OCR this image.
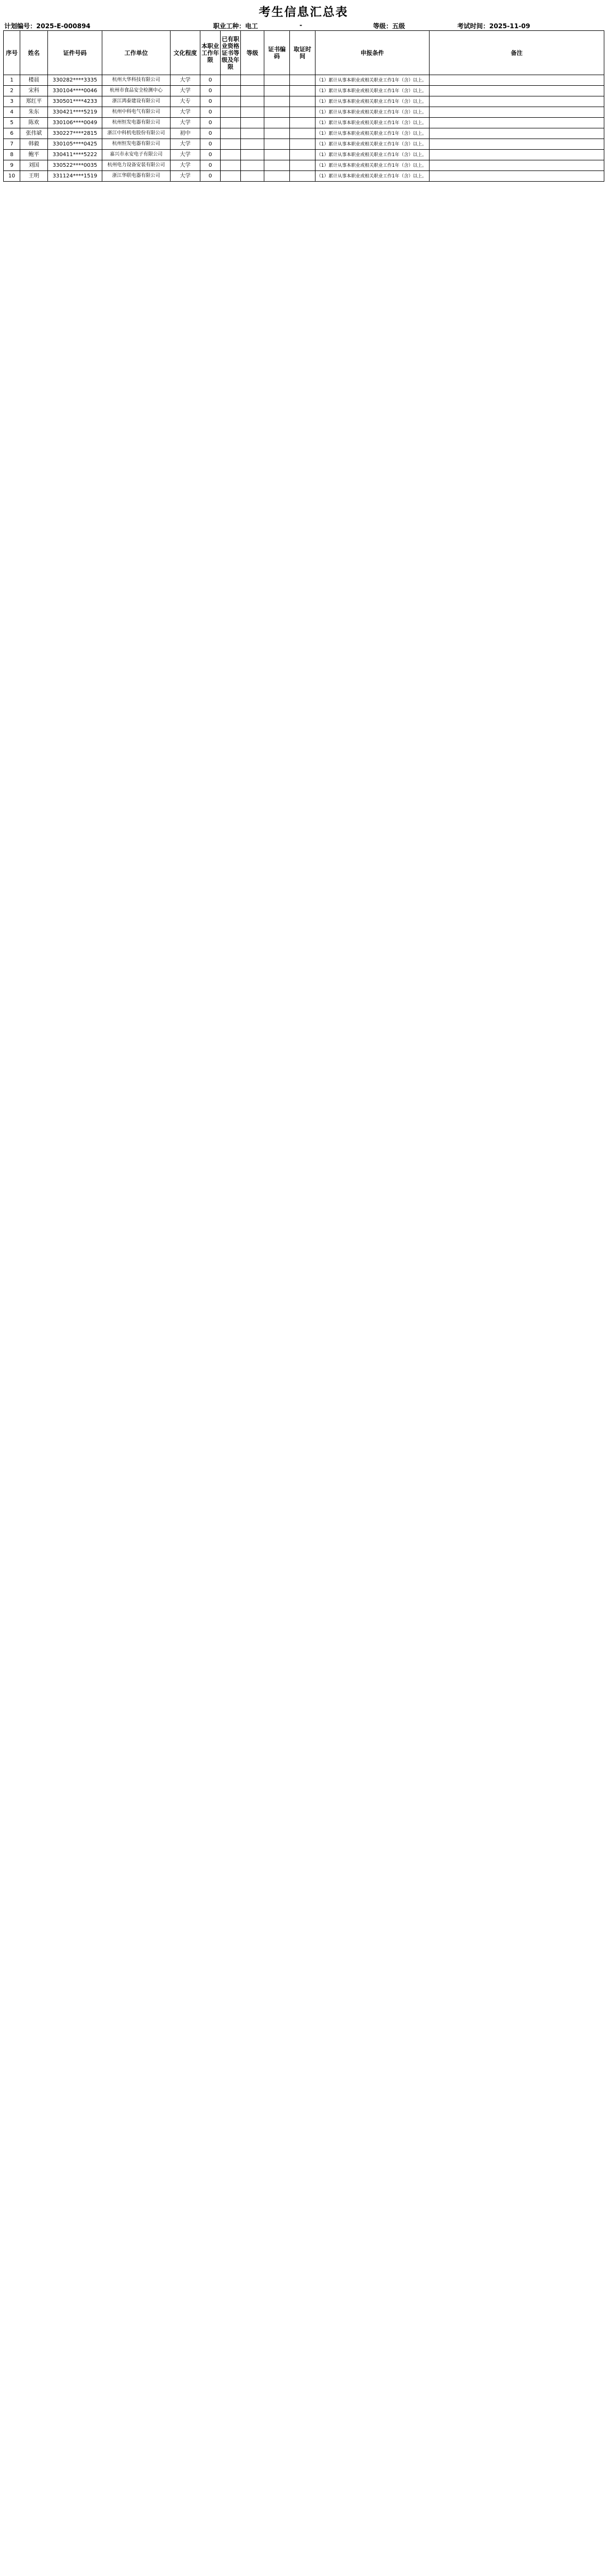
考生信息汇总表
计划编号：2025-E-000894	职业工种：电工	-	等级：五级	考试时间：2025-11-09
序号	姓名	证件号码	工作单位	文化程度	本职业工作年限	已有职业资格证书等级及年限	等级	证书编码	取证时间	申报条件	备注
1	楼晨	330282****3335	杭州大华科技有限公司	大学	0					（1）累计从事本职业或相关职业工作1年（含）以上。	
2	宋科	330104****0046	杭州市食品安全检测中心	大学	0					（1）累计从事本职业或相关职业工作1年（含）以上。	
3	郑红平	330501****4233	浙江鸿泰建设有限公司	大专	0					（1）累计从事本职业或相关职业工作1年（含）以上。	
4	朱东	330421****5219	杭州中科电气有限公司	大学	0					（1）累计从事本职业或相关职业工作1年（含）以上。	
5	陈欢	330106****0049	杭州恒发电器有限公司	大学	0					（1）累计从事本职业或相关职业工作1年（含）以上。	
6	张伟斌	330227****2815	浙江中科机电股份有限公司	初中	0					（1）累计从事本职业或相关职业工作1年（含）以上。	
7	韩毅	330105****0425	杭州恒发电器有限公司	大学	0					（1）累计从事本职业或相关职业工作1年（含）以上。	
8	鲍平	330411****5222	嘉兴市永安电子有限公司	大学	0					（1）累计从事本职业或相关职业工作1年（含）以上。	
9	刘国	330522****0035	杭州电力设备安装有限公司	大学	0					（1）累计从事本职业或相关职业工作1年（含）以上。	
10	王明	331124****1519	浙江华联电器有限公司	大学	0					（1）累计从事本职业或相关职业工作1年（含）以上。	
